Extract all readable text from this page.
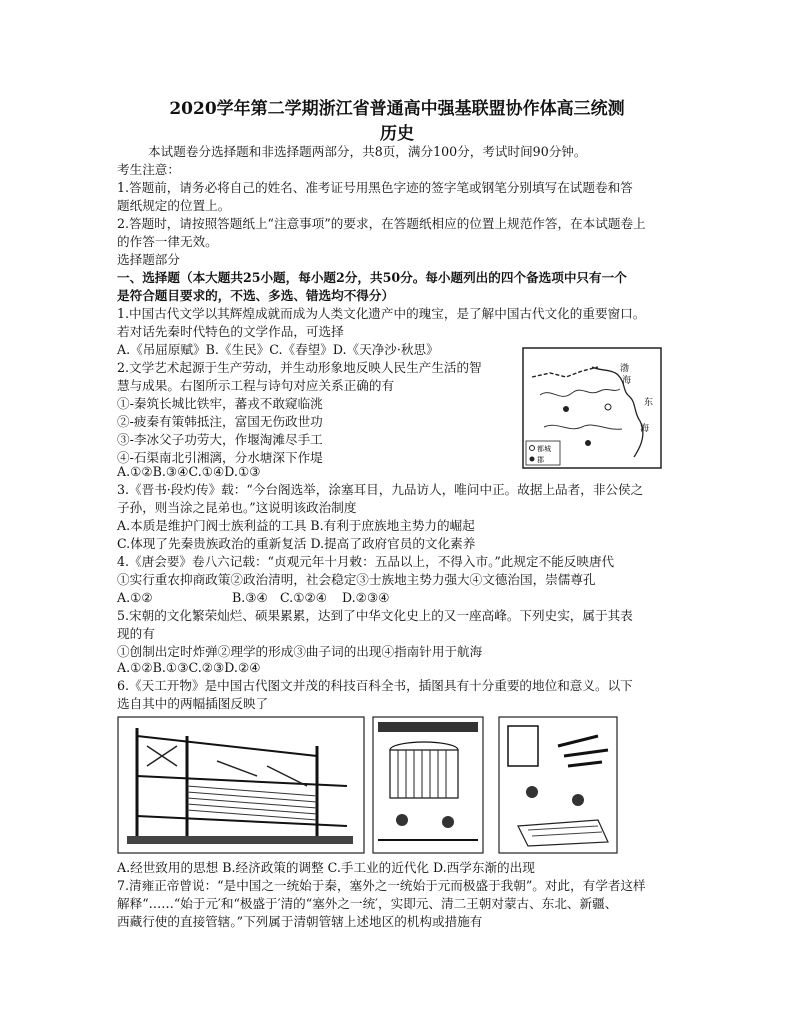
2020学年第二学期浙江省普通高中强基联盟协作体高三统测
历史
本试题卷分选择题和非选择题两部分，共8页，满分100分，考试时间90分钟。
考生注意：
1.答题前，请务必将自己的姓名、准考证号用黑色字迹的签字笔或钢笔分别填写在试题卷和答
题纸规定的位置上。
2.答题时，请按照答题纸上“注意事项”的要求，在答题纸相应的位置上规范作答，在本试题卷上
的作答一律无效。
选择题部分
一、选择题（本大题共25小题，每小题2分，共50分。每小题列出的四个备选项中只有一个
是符合题目要求的，不选、多选、错选均不得分）
1.中国古代文学以其辉煌成就而成为人类文化遗产中的瑰宝，是了解中国古代文化的重要窗口。
若对话先秦时代特色的文学作品，可选择
A.《吊屈原赋》B.《生民》C.《春望》D.《天净沙·秋思》
2.文学艺术起源于生产劳动，并生动形象地反映人民生产生活的智
慧与成果。右图所示工程与诗句对应关系正确的有
①-秦筑长城比铁牢，蕃戎不敢窥临洮
②-疲秦有策韩抵注，富国无伤政世功
③-李冰父子功劳大，作堰淘滩尽手工
④-石渠南北引湘漓，分水塘深下作堤
A.①②B.③④C.①④D.①③
渤
海
东
海
都城
郡
3.《晋书·段灼传》载：“今台阁选举，涂塞耳目，九品访人，唯问中正。故据上品者，非公侯之
子孙，则当涂之昆弟也。”这说明该政治制度
A.本质是维护门阀士族利益的工具 B.有利于庶族地主势力的崛起
C.体现了先秦贵族政治的重新复活 D.提高了政府官员的文化素养
4.《唐会要》卷八六记载：“贞观元年十月敕：五品以上，不得入市。”此规定不能反映唐代
①实行重农抑商政策②政治清明，社会稳定③士族地主势力强大④文德治国，崇儒尊孔
A.①②	B.③④ C.①②④ D.②③④
5.宋朝的文化繁荣灿烂、硕果累累，达到了中华文化史上的又一座高峰。下列史实，属于其表
现的有
①创制出定时炸弹②理学的形成③曲子词的出现④指南针用于航海
A.①②B.①③C.②③D.②④
6.《天工开物》是中国古代图文并茂的科技百科全书，插图具有十分重要的地位和意义。以下
选自其中的两幅插图反映了
A.经世致用的思想 B.经济政策的调整 C.手工业的近代化 D.西学东渐的出现
7.清雍正帝曾说：“是中国之一统始于秦，塞外之一统始于元而极盛于我朝”。对此，有学者这样
解释“……“始于元′和“极盛于′清的“塞外之一统′，实即元、清二王朝对蒙古、东北、新疆、
西藏行使的直接管辖。”下列属于清朝管辖上述地区的机构或措施有
